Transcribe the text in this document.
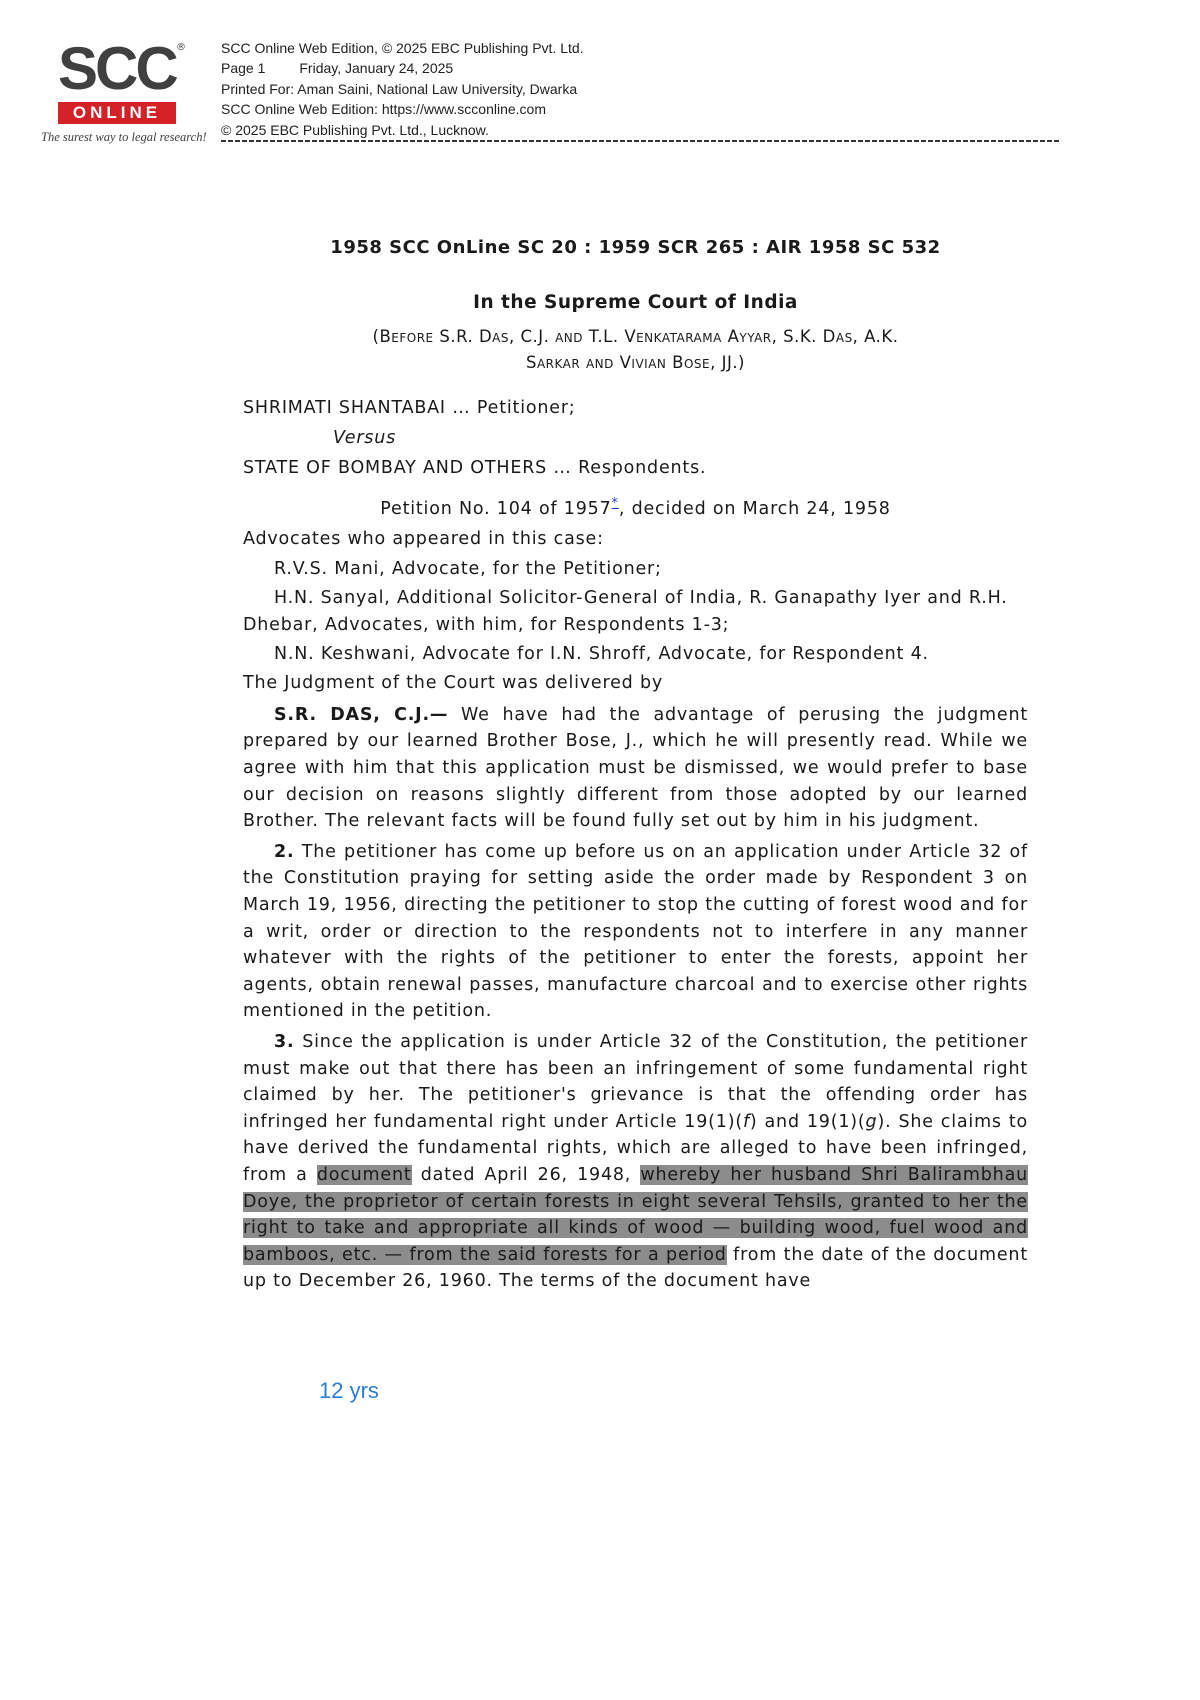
SCC ®
ONLINE
The surest way to legal research!
SCC Online Web Edition, © 2025 EBC Publishing Pvt. Ltd.
Page 1 Friday, January 24, 2025
Printed For: Aman Saini, National Law University, Dwarka
SCC Online Web Edition: https://www.scconline.com
© 2025 EBC Publishing Pvt. Ltd., Lucknow.
1958 SCC OnLine SC 20 : 1959 SCR 265 : AIR 1958 SC 532
In the Supreme Court of India
(Before S.R. Das, C.J. and T.L. Venkatarama Ayyar, S.K. Das, A.K.
Sarkar and Vivian Bose, JJ.)

SHRIMATI SHANTABAI … Petitioner;

Versus

STATE OF BOMBAY AND OTHERS … Respondents.

Petition No. 104 of 1957*, decided on March 24, 1958

Advocates who appeared in this case:

R.V.S. Mani, Advocate, for the Petitioner;

H.N. Sanyal, Additional Solicitor-General of India, R. Ganapathy Iyer and R.H. Dhebar, Advocates, with him, for Respondents 1-3;

N.N. Keshwani, Advocate for I.N. Shroff, Advocate, for Respondent 4.

The Judgment of the Court was delivered by

S.R. DAS, C.J.— We have had the advantage of perusing the judgment prepared by our learned Brother Bose, J., which he will presently read. While we agree with him that this application must be dismissed, we would prefer to base our decision on reasons slightly different from those adopted by our learned Brother. The relevant facts will be found fully set out by him in his judgment.

2. The petitioner has come up before us on an application under Article 32 of the Constitution praying for setting aside the order made by Respondent 3 on March 19, 1956, directing the petitioner to stop the cutting of forest wood and for a writ, order or direction to the respondents not to interfere in any manner whatever with the rights of the petitioner to enter the forests, appoint her agents, obtain renewal passes, manufacture charcoal and to exercise other rights mentioned in the petition.

3. Since the application is under Article 32 of the Constitution, the petitioner must make out that there has been an infringement of some fundamental right claimed by her. The petitioner's grievance is that the offending order has infringed her fundamental right under Article 19(1)(f) and 19(1)(g). She claims to have derived the fundamental rights, which are alleged to have been infringed, from a document dated April 26, 1948, whereby her husband Shri Balirambhau Doye, the proprietor of certain forests in eight several Tehsils, granted to her the right to take and appropriate all kinds of wood — building wood, fuel wood and bamboos, etc. — from the said forests for a period from the date of the document up to December 26, 1960. The terms of the document have

12 yrs
